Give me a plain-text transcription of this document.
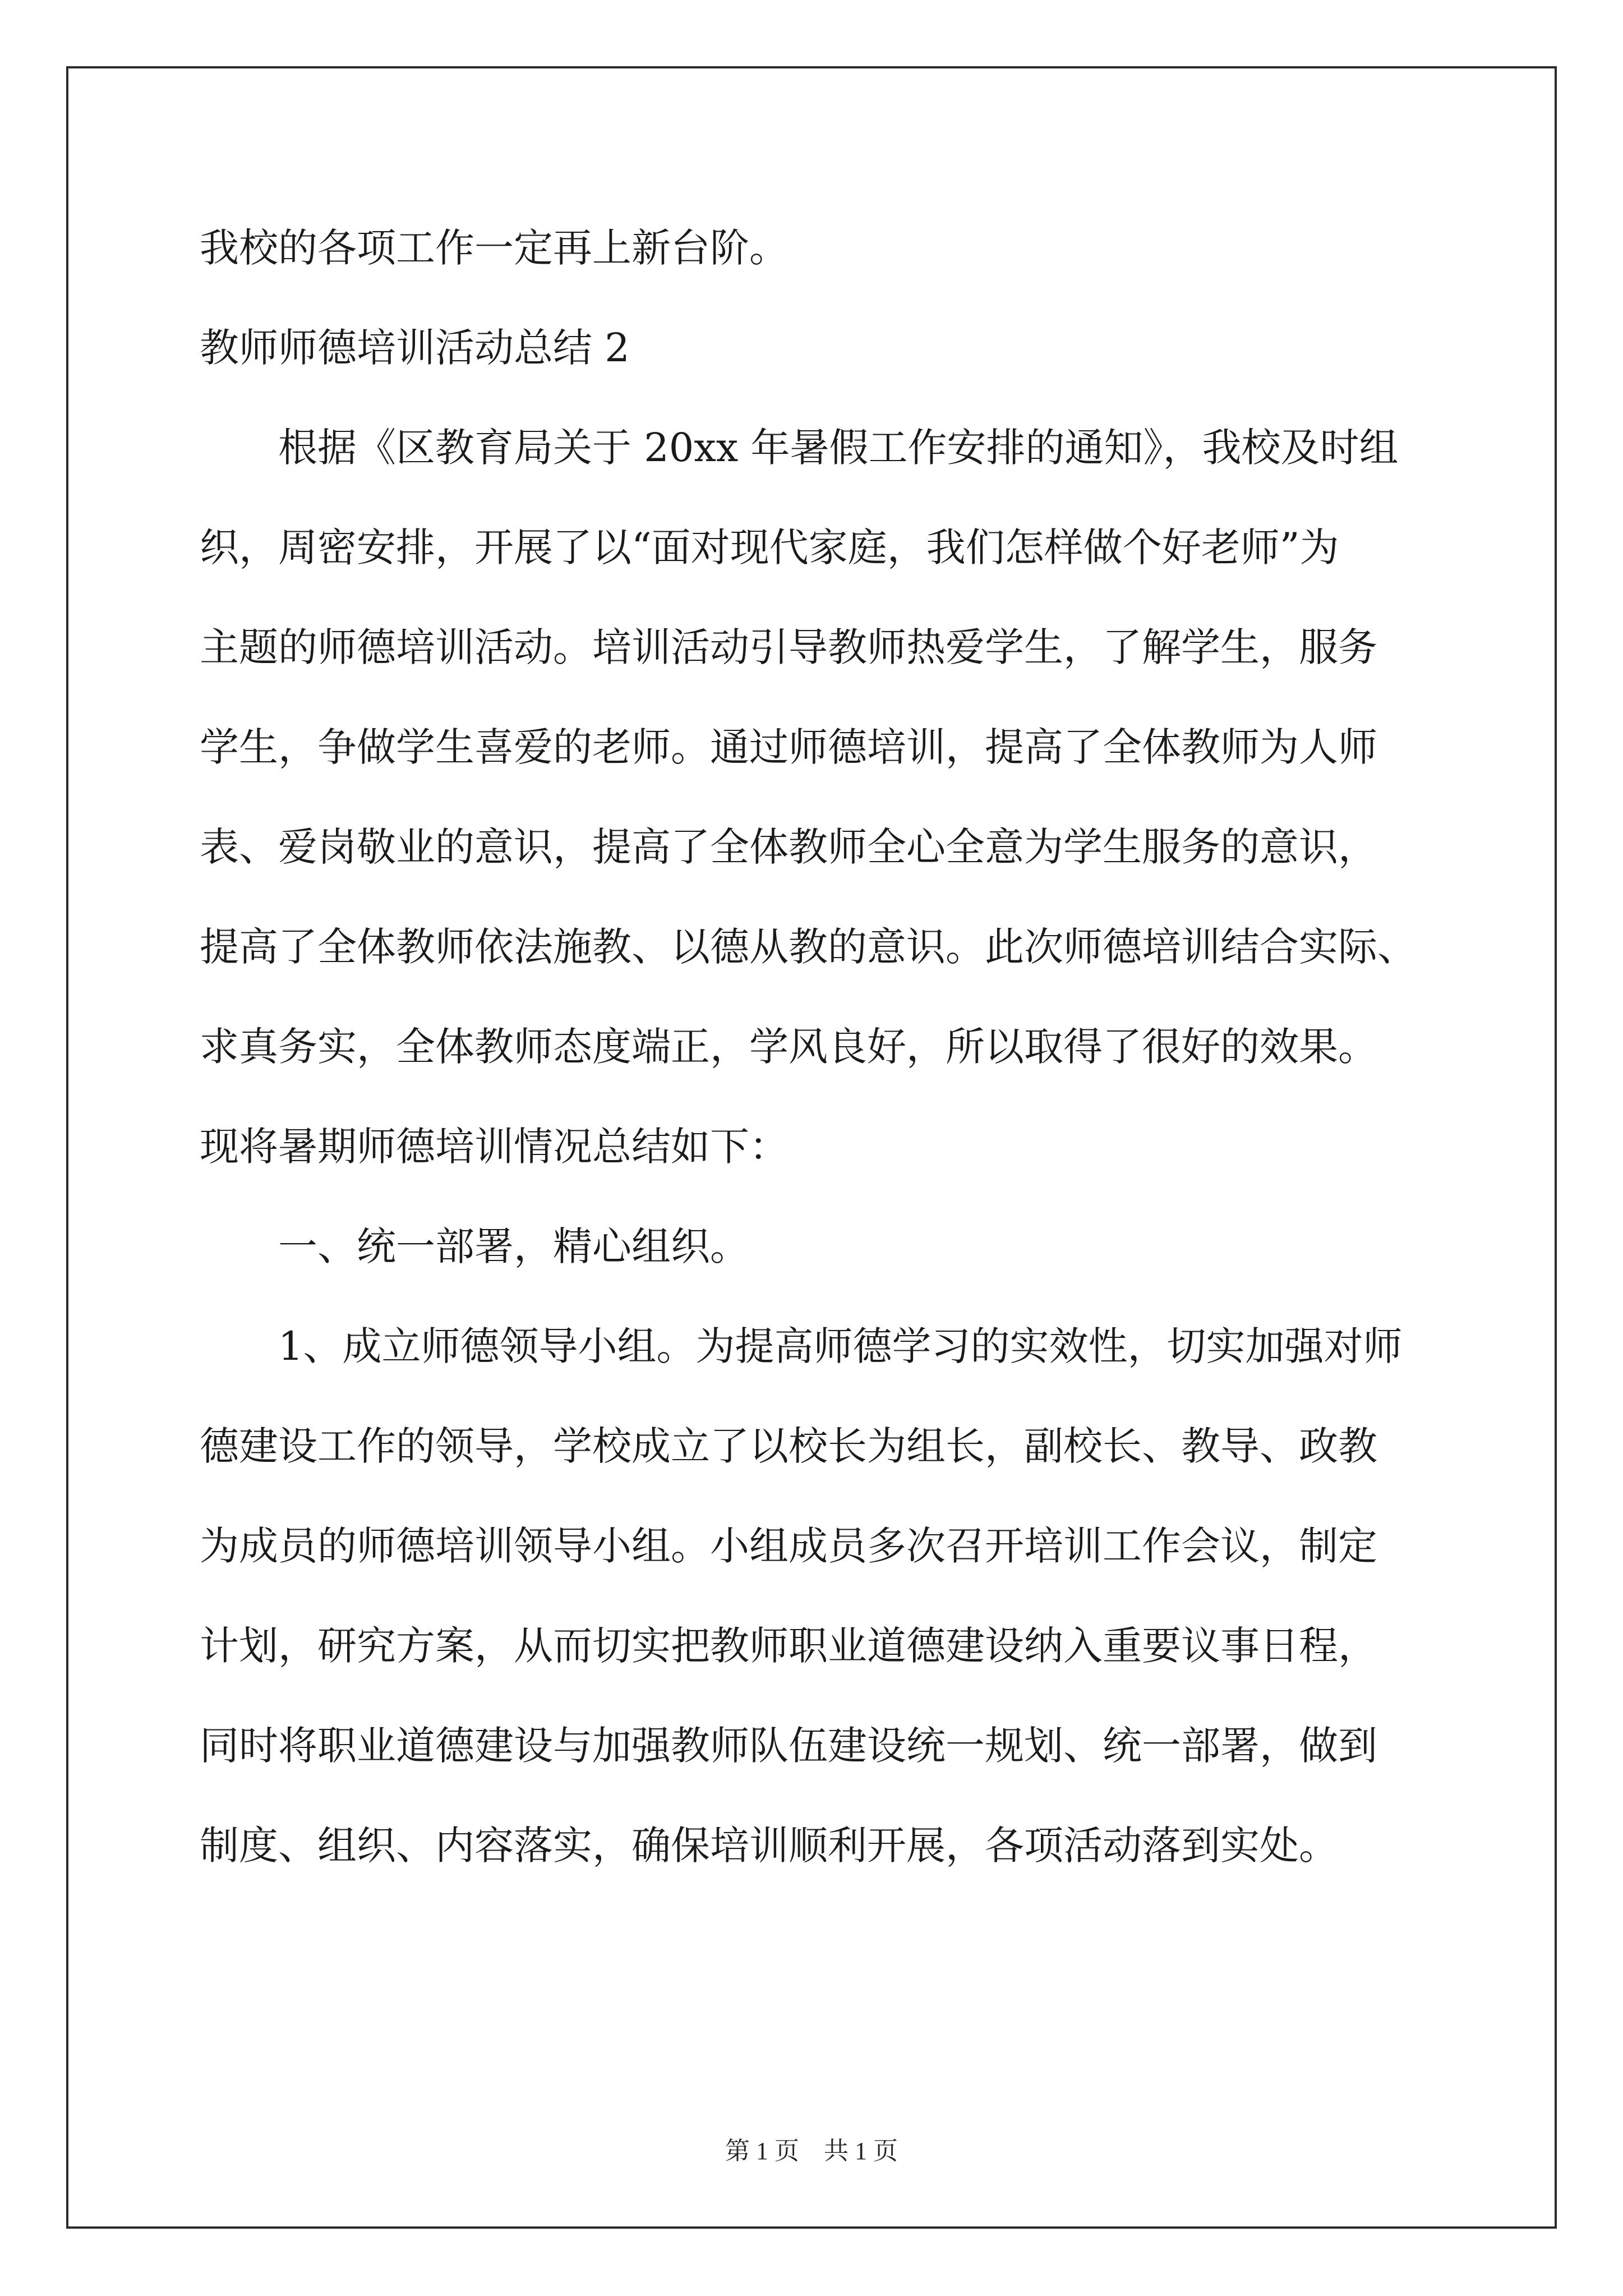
我校的各项工作一定再上新台阶。
教师师德培训活动总结 2
根据《区教育局关于 20xx 年暑假工作安排的通知》，我校及时组
织，周密安排，开展了以“面对现代家庭，我们怎样做个好老师”为
主题的师德培训活动。培训活动引导教师热爱学生，了解学生，服务
学生，争做学生喜爱的老师。通过师德培训，提高了全体教师为人师
表、爱岗敬业的意识，提高了全体教师全心全意为学生服务的意识，
提高了全体教师依法施教、以德从教的意识。此次师德培训结合实际、
求真务实，全体教师态度端正，学风良好，所以取得了很好的效果。
现将暑期师德培训情况总结如下：
一、统一部署，精心组织。
1、成立师德领导小组。为提高师德学习的实效性，切实加强对师
德建设工作的领导，学校成立了以校长为组长，副校长、教导、政教
为成员的师德培训领导小组。小组成员多次召开培训工作会议，制定
计划，研究方案，从而切实把教师职业道德建设纳入重要议事日程，
同时将职业道德建设与加强教师队伍建设统一规划、统一部署，做到
制度、组织、内容落实，确保培训顺利开展，各项活动落到实处。
第 1 页　共 1 页
